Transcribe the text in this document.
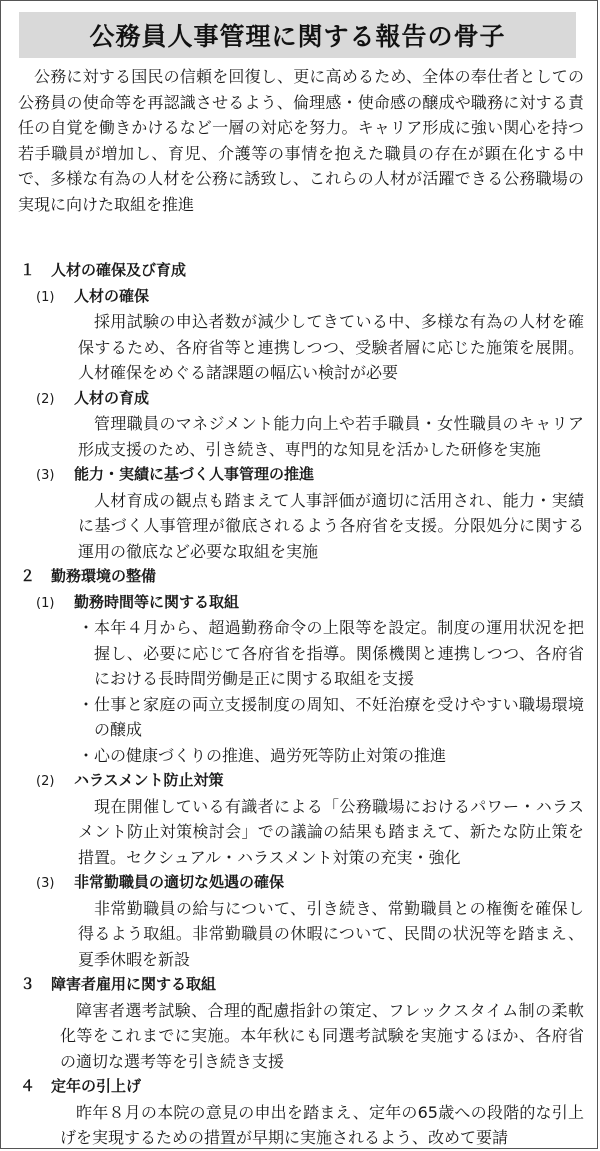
公務員人事管理に関する報告の骨子

公務に対する国民の信頼を回復し、更に高めるため、全体の奉仕者としての公務員の使命等を再認識させるよう、倫理感・使命感の醸成や職務に対する責任の自覚を働きかけるなど一層の対応を努力。キャリア形成に強い関心を持つ若手職員が増加し、育児、介護等の事情を抱えた職員の存在が顕在化する中で、多様な有為の人材を公務に誘致し、これらの人材が活躍できる公務職場の実現に向けた取組を推進

１ 人材の確保及び育成
(1) 人材の確保

採用試験の申込者数が減少してきている中、多様な有為の人材を確保するため、各府省等と連携しつつ、受験者層に応じた施策を展開。人材確保をめぐる諸課題の幅広い検討が必要

(2) 人材の育成

管理職員のマネジメント能力向上や若手職員・女性職員のキャリア形成支援のため、引き続き、専門的な知見を活かした研修を実施

(3) 能力・実績に基づく人事管理の推進

人材育成の観点も踏まえて人事評価が適切に活用され、能力・実績に基づく人事管理が徹底されるよう各府省を支援。分限処分に関する運用の徹底など必要な取組を実施

２ 勤務環境の整備
(1) 勤務時間等に関する取組
・ 本年４月から、超過勤務命令の上限等を設定。制度の運用状況を把握し、必要に応じて各府省を指導。関係機関と連携しつつ、各府省における長時間労働是正に関する取組を支援
・ 仕事と家庭の両立支援制度の周知、不妊治療を受けやすい職場環境の醸成
・ 心の健康づくりの推進、過労死等防止対策の推進
(2) ハラスメント防止対策

現在開催している有識者による「公務職場におけるパワー・ハラスメント防止対策検討会」での議論の結果も踏まえて、新たな防止策を措置。セクシュアル・ハラスメント対策の充実・強化

(3) 非常勤職員の適切な処遇の確保

非常勤職員の給与について、引き続き、常勤職員との権衡を確保し得るよう取組。非常勤職員の休暇について、民間の状況等を踏まえ、夏季休暇を新設

３ 障害者雇用に関する取組

障害者選考試験、合理的配慮指針の策定、フレックスタイム制の柔軟化等をこれまでに実施。本年秋にも同選考試験を実施するほか、各府省の適切な選考等を引き続き支援

４ 定年の引上げ

昨年８月の本院の意見の申出を踏まえ、定年の65歳への段階的な引上げを実現するための措置が早期に実施されるよう、改めて要請
